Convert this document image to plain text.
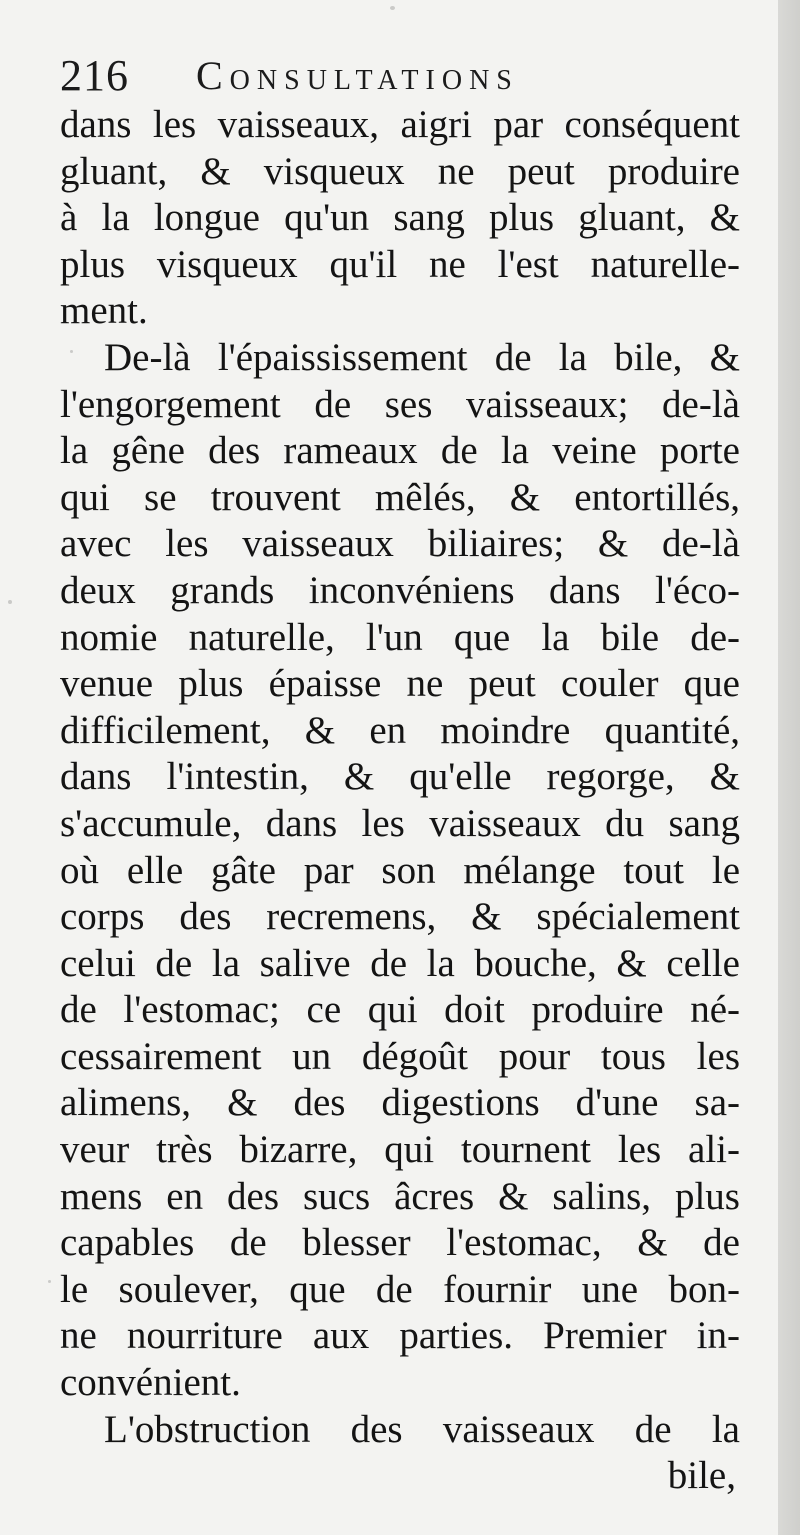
216 Consultations
dans les vaisseaux, aigri par conséquent
gluant, & visqueux ne peut produire
à la longue qu'un sang plus gluant, &
plus visqueux qu'il ne l'est naturelle-
ment.
De-là l'épaississement de la bile, &
l'engorgement de ses vaisseaux; de-là
la gêne des rameaux de la veine porte
qui se trouvent mêlés, & entortillés,
avec les vaisseaux biliaires; & de-là
deux grands inconvéniens dans l'éco-
nomie naturelle, l'un que la bile de-
venue plus épaisse ne peut couler que
difficilement, & en moindre quantité,
dans l'intestin, & qu'elle regorge, &
s'accumule, dans les vaisseaux du sang
où elle gâte par son mélange tout le
corps des recremens, & spécialement
celui de la salive de la bouche, & celle
de l'estomac; ce qui doit produire né-
cessairement un dégoût pour tous les
alimens, & des digestions d'une sa-
veur très bizarre, qui tournent les ali-
mens en des sucs âcres & salins, plus
capables de blesser l'estomac, & de
le soulever, que de fournir une bon-
ne nourriture aux parties. Premier in-
convénient.
L'obstruction des vaisseaux de la
bile,
